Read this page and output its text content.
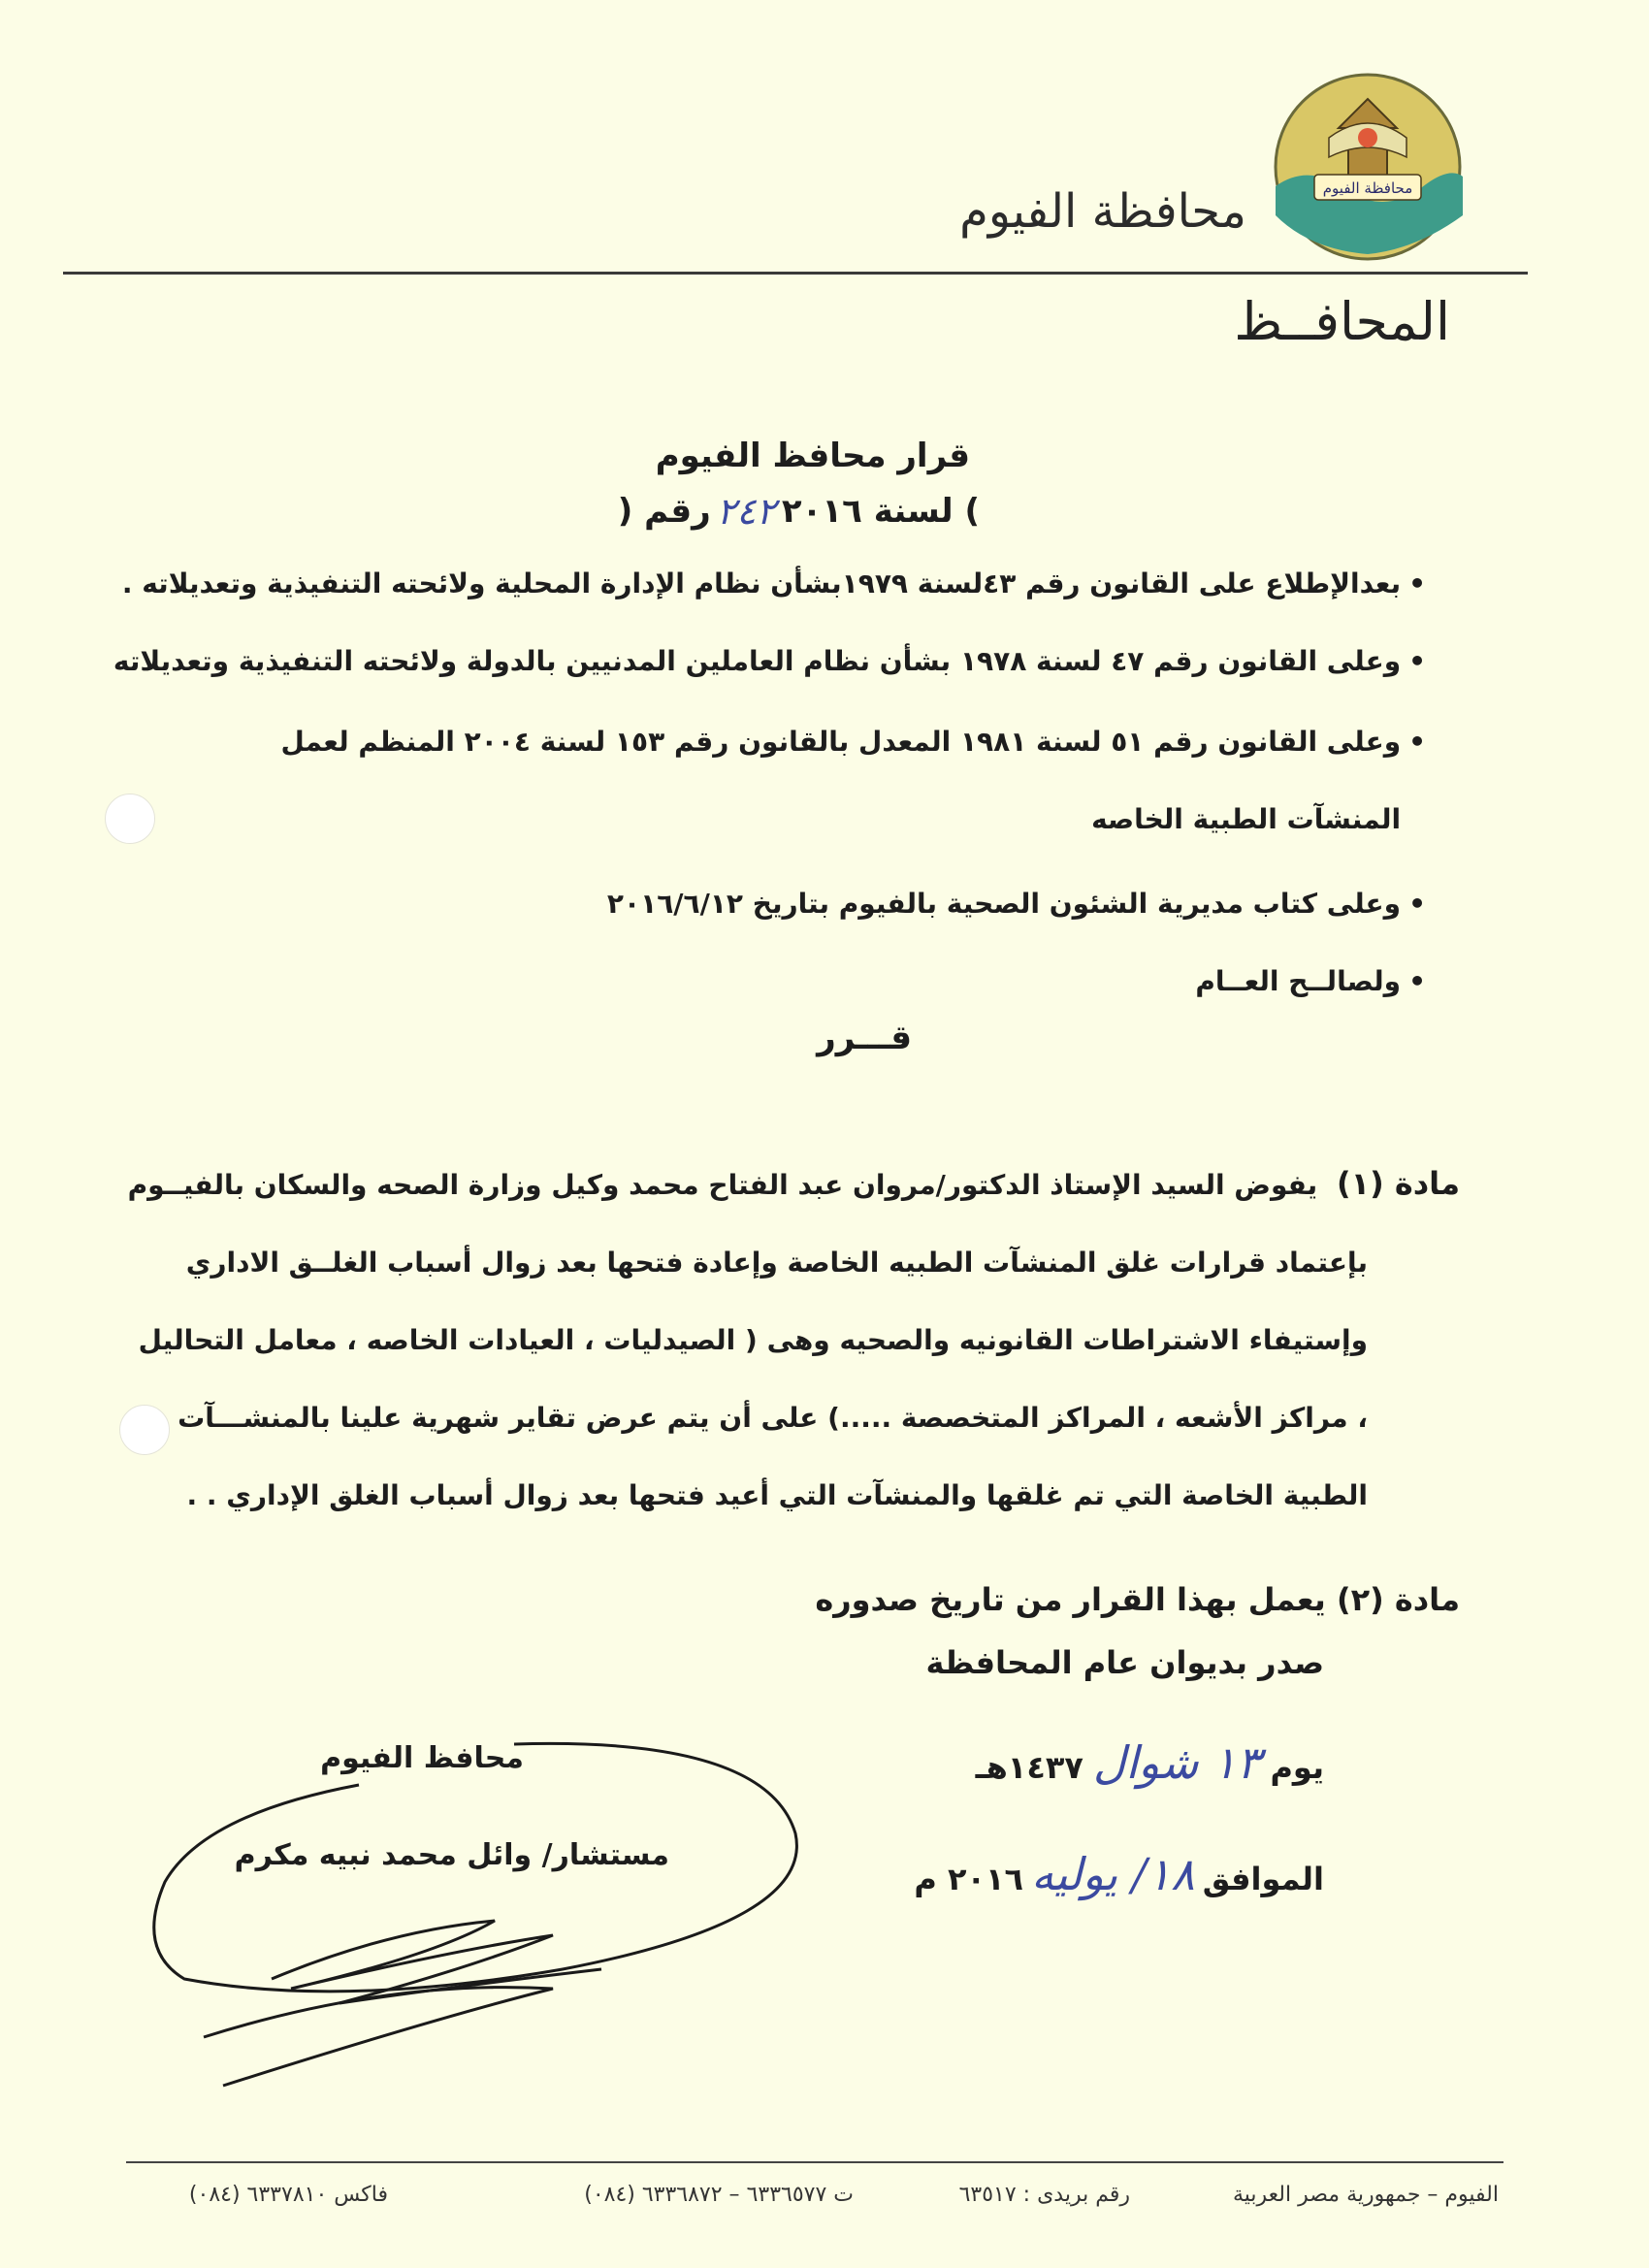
محافظة الفيوم
محافظة الفيوم
المحافــظ
قرار محافظ الفيوم
رقم ( ٢٤٢ ) لسنة ٢٠١٦
•
بعدالإطلاع على القانون رقم ٤٣لسنة ١٩٧٩بشأن نظام الإدارة المحلية ولائحته التنفيذية وتعديلاته .
•
وعلى القانون رقم ٤٧ لسنة ١٩٧٨ بشأن نظام العاملين المدنيين بالدولة ولائحته التنفيذية وتعديلاته
•
وعلى القانون رقم ٥١ لسنة ١٩٨١ المعدل بالقانون رقم ١٥٣ لسنة ٢٠٠٤ المنظم لعمل المنشآت الطبية الخاصه
•
وعلى كتاب مديرية الشئون الصحية بالفيوم بتاريخ ٢٠١٦/٦/١٢
•
ولصالــح العــام
قـــرر
مادة (١) يفوض السيد الإستاذ الدكتور/مروان عبد الفتاح محمد وكيل وزارة الصحه والسكان بالفيــوم
بإعتماد قرارات غلق المنشآت الطبيه الخاصة وإعادة فتحها بعد زوال أسباب الغلــق الاداري
وإستيفاء الاشتراطات القانونيه والصحيه وهى ( الصيدليات ، العيادات الخاصه ، معامل التحاليل
، مراكز الأشعه ، المراكز المتخصصة .....) على أن يتم عرض تقاير شهرية علينا بالمنشـــآت
الطبية الخاصة التي تم غلقها والمنشآت التي أعيد فتحها بعد زوال أسباب الغلق الإداري . .
مادة (٢) يعمل بهذا القرار من تاريخ صدوره
صدر بديوان عام المحافظة
يوم
١٣ شوال
١٤٣٧هـ
الموافق
١٨/ يوليه
٢٠١٦ م
محافظ الفيوم
مستشار/ وائل محمد نبيه مكرم
الفيوم – جمهورية مصر العربية
رقم بريدى : ٦٣٥١٧
ت ٦٣٣٦٥٧٧ – ٦٣٣٦٨٧٢ (٠٨٤)
فاكس ٦٣٣٧٨١٠ (٠٨٤)
